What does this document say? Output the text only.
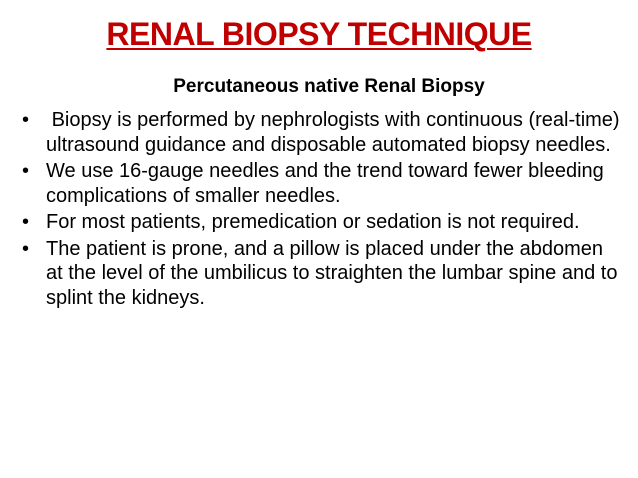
RENAL BIOPSY TECHNIQUE
Percutaneous native Renal Biopsy
• Biopsy is performed by nephrologists with continuous (real-time) ultrasound guidance and disposable automated biopsy needles.
• We use 16-gauge needles and the trend toward fewer bleeding complications of smaller needles.
• For most patients, premedication or sedation is not required.
• The patient is prone, and a pillow is placed under the abdomen at the level of the umbilicus to straighten the lumbar spine and to splint the kidneys.
